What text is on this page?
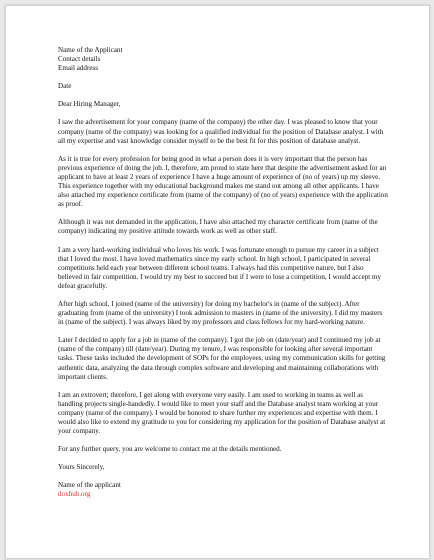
Name of the Applicant

Contact details

Email address

Date

Dear Hiring Manager,

I saw the advertisement for your company (name of the company) the other day. I was pleased to know that your company (name of the company) was looking for a qualified individual for the position of Database analyst. I with all my expertise and vast knowledge consider myself to be the best fit for this position of database analyst.

As it is true for every profession for being good in what a person does it is very important that the person has previous experience of doing the job. I, therefore, am proud to state here that despite the advertisement asked for an applicant to have at least 2 years of experience I have a huge amount of experience of (no of years) up my sleeve. This experience together with my educational background makes me stand out among all other applicants. I have also attached my experience certificate from (name of the company) of (no of years) experience with the application as proof.

Although it was not demanded in the application, I have also attached my character certificate from (name of the company) indicating my positive attitude towards work as well as other staff.

I am a very hard-working individual who loves his work. I was fortunate enough to pursue my career in a subject that I loved the most. I have loved mathematics since my early school. In high school, I participated in several competitions held each year between different school teams. I always had this competitive nature, but I also believed in fair competition. I would try my best to succeed but if I were to lose a competition, I would accept my defeat gracefully.

After high school, I joined (name of the university) for doing my bachelor's in (name of the subject). After graduating from (name of the university) I took admission to masters in (name of the university). I did my masters in (name of the subject). I was always liked by my professors and class fellows for my hard-working nature.

Later I decided to apply for a job in (name of the company). I got the job on (date/year) and I continued my job at (name of the company) till (date/year). During my tenure, I was responsible for looking after several important tasks. These tasks included the development of SOPs for the employees, using my communication skills for getting authentic data, analyzing the data through complex software and developing and maintaining collaborations with important clients.

I am an extrovert; therefore, I get along with everyone very easily. I am used to working in teams as well as handling projects single-handedly. I would like to meet your staff and the Database analyst team working at your company (name of the company). I would be honored to share further my experiences and expertise with them. I would also like to extend my gratitude to you for considering my application for the position of Database analyst at your company.

For any further query, you are welcome to contact me at the details mentioned.

Yours Sincerely,

Name of the applicant

doxhub.org
